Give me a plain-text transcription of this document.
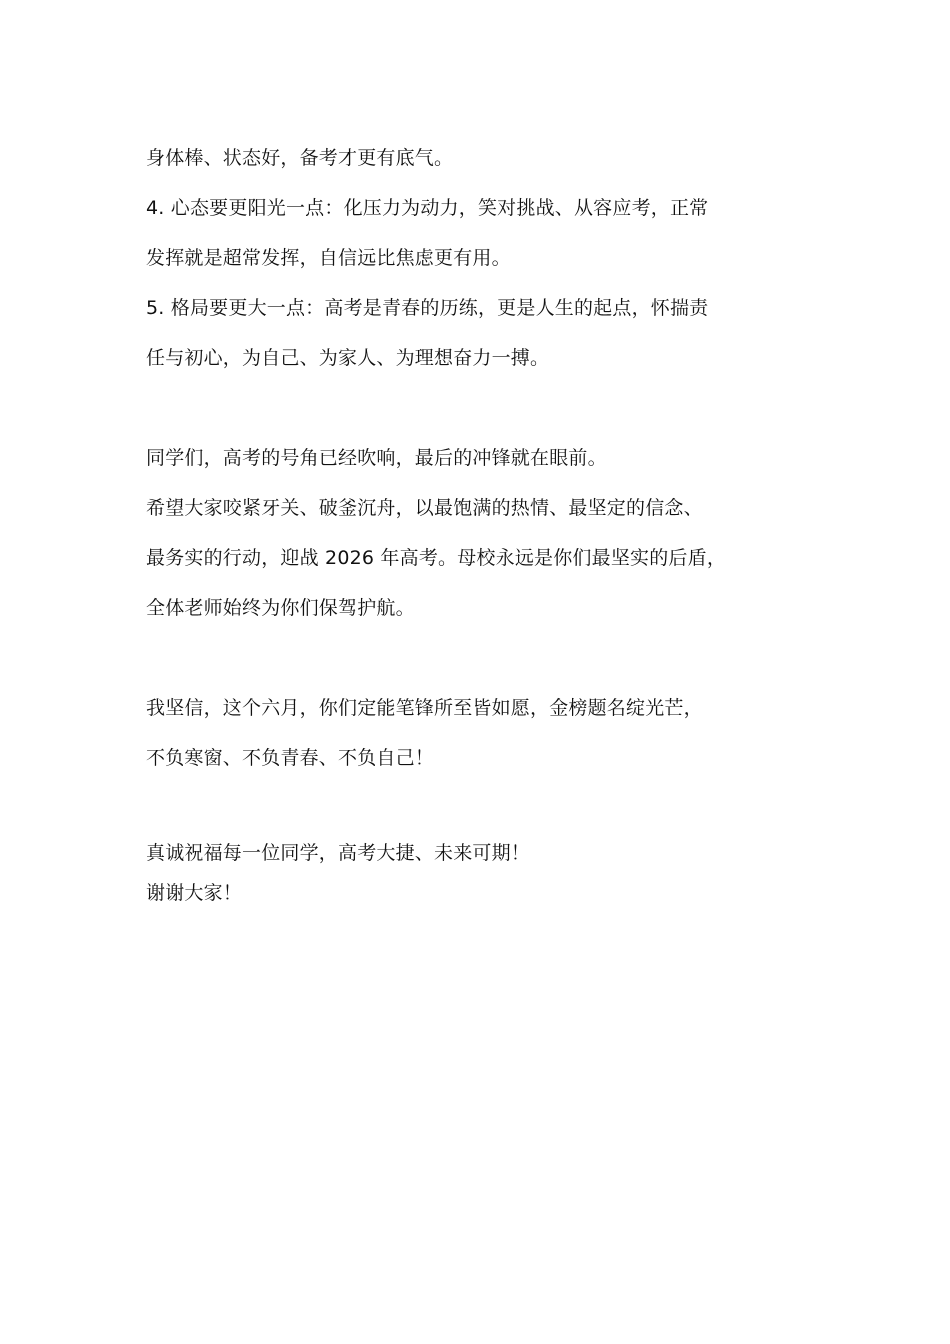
身体棒、状态好，备考才更有底气。
4. 心态要更阳光一点：化压力为动力，笑对挑战、从容应考，正常
发挥就是超常发挥，自信远比焦虑更有用。
5. 格局要更大一点：高考是青春的历练，更是人生的起点，怀揣责
任与初心，为自己、为家人、为理想奋力一搏。
同学们，高考的号角已经吹响，最后的冲锋就在眼前。
希望大家咬紧牙关、破釜沉舟，以最饱满的热情、最坚定的信念、
最务实的行动，迎战 2026 年高考。母校永远是你们最坚实的后盾，
全体老师始终为你们保驾护航。
我坚信，这个六月，你们定能笔锋所至皆如愿，金榜题名绽光芒，
不负寒窗、不负青春、不负自己！
真诚祝福每一位同学，高考大捷、未来可期！
谢谢大家！
